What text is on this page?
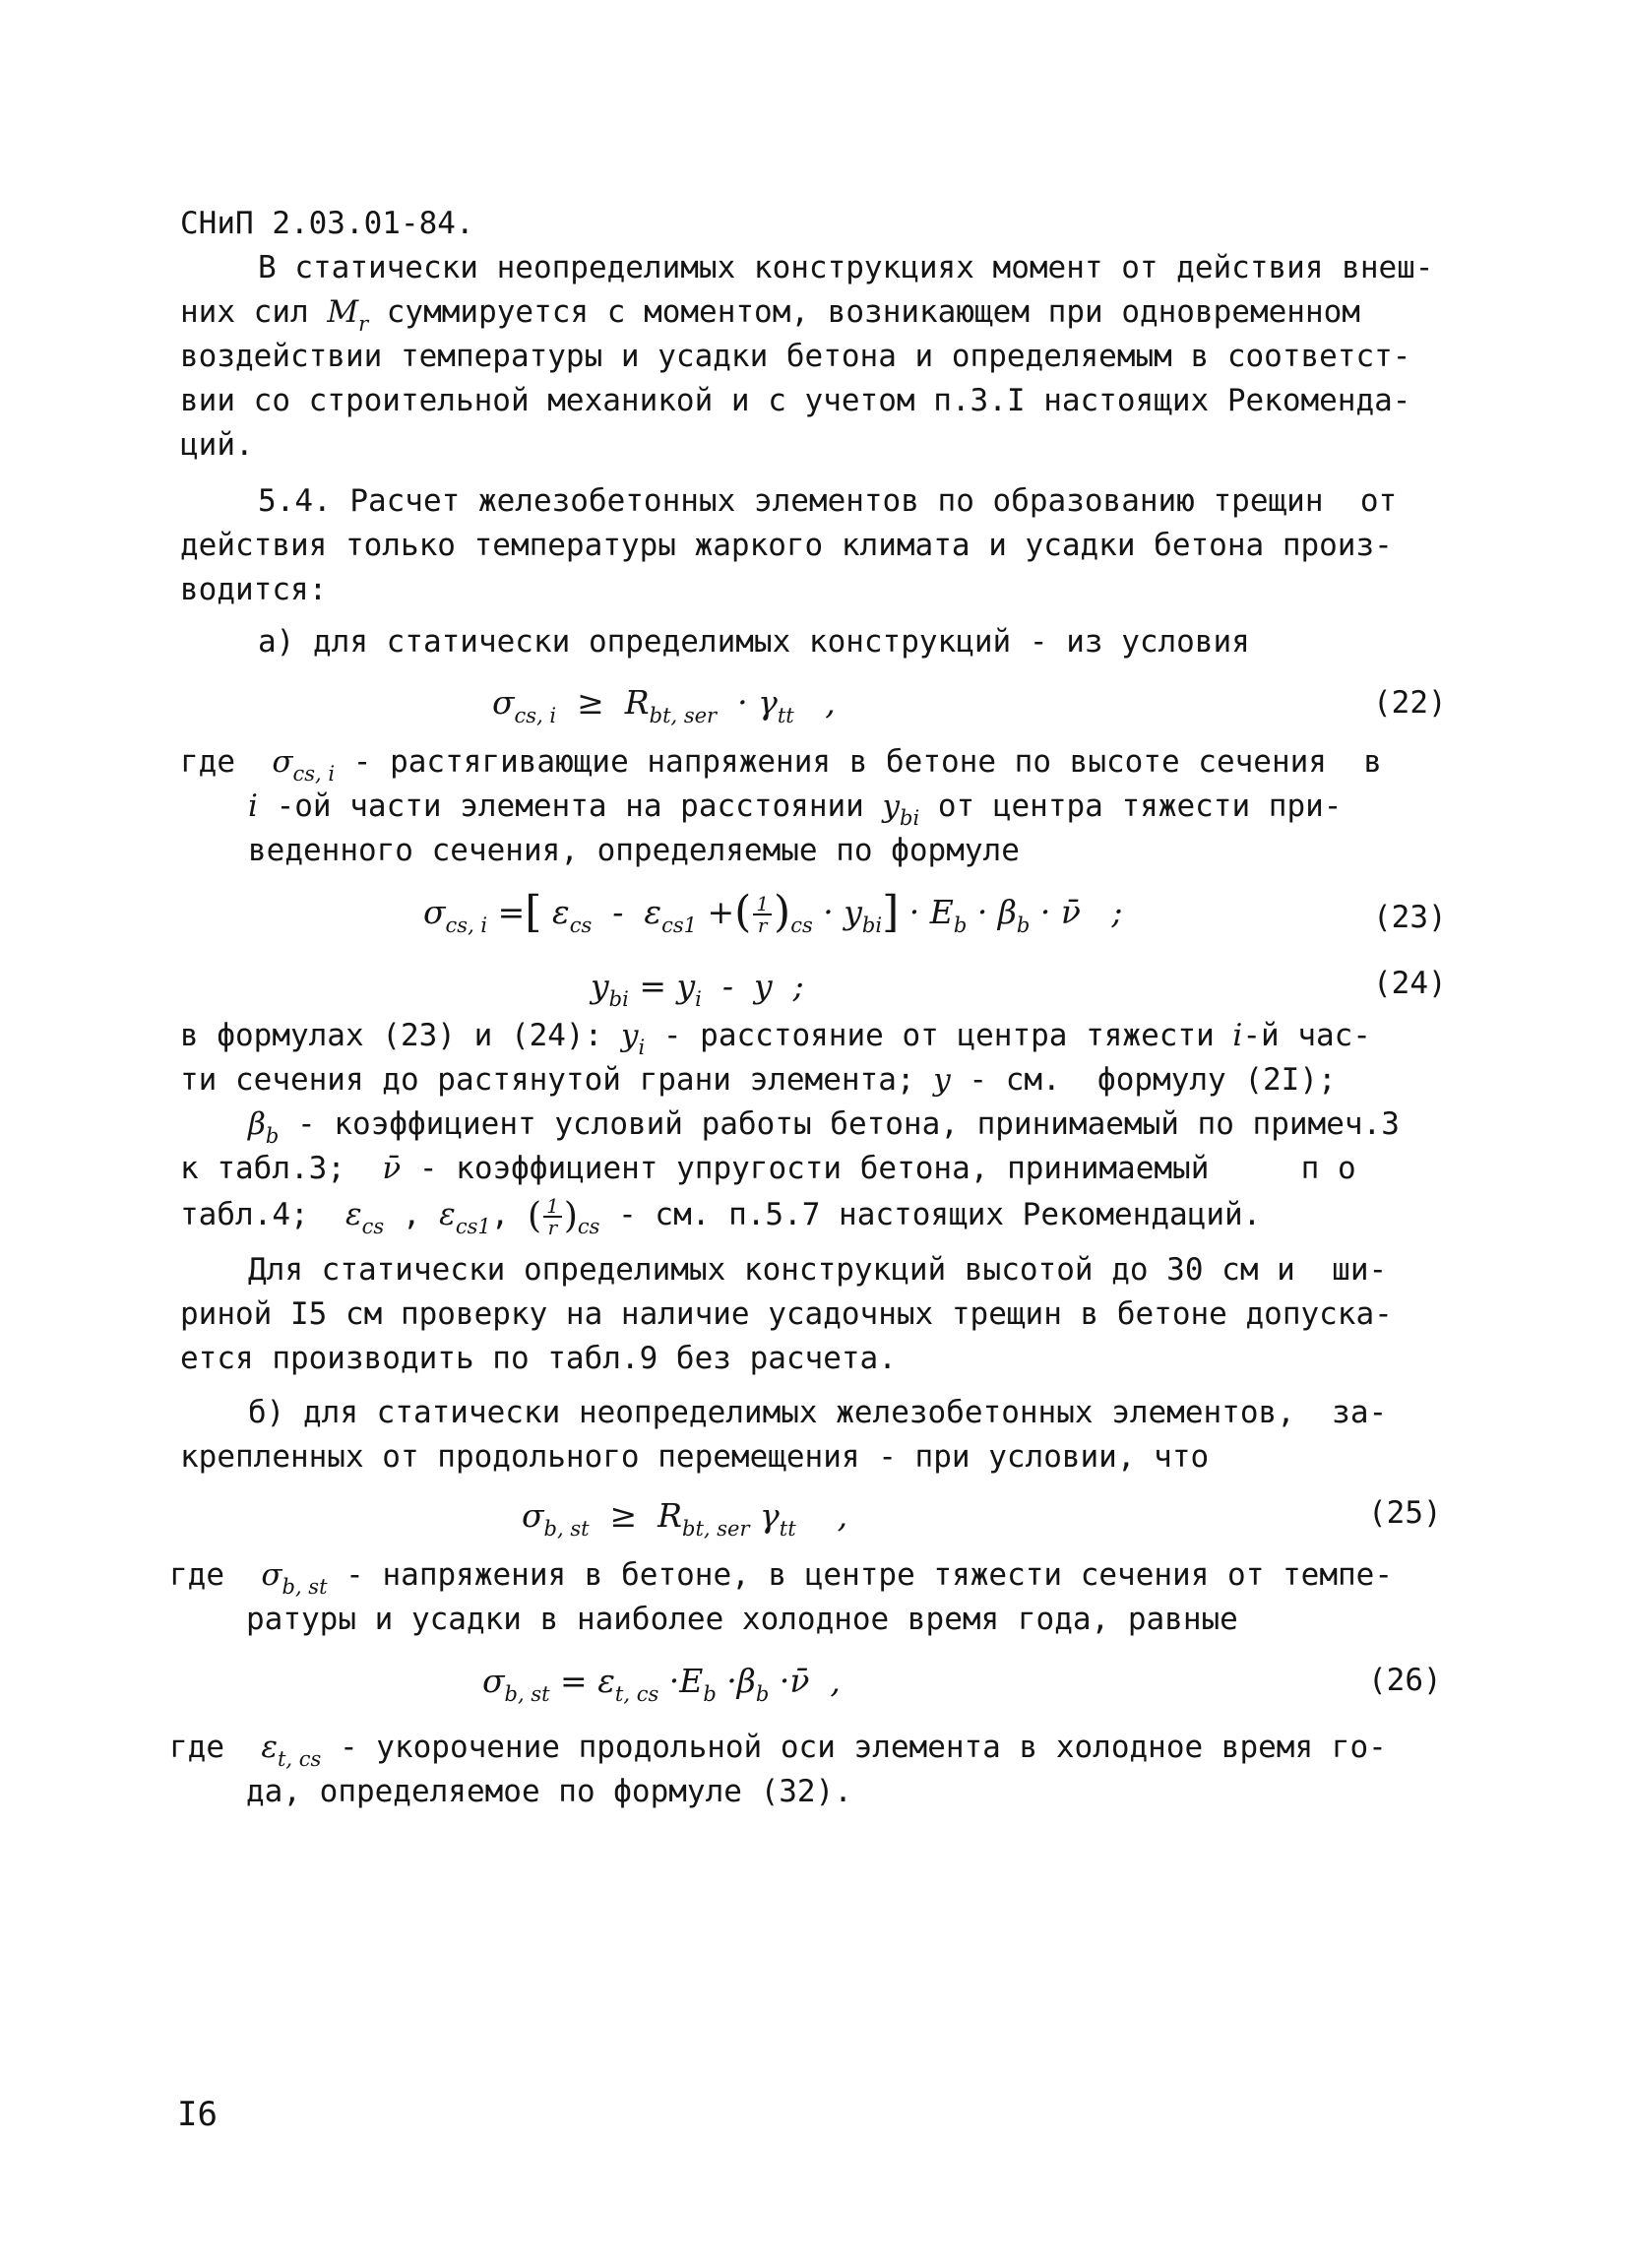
СНиП 2.03.01-84.
В статически неопределимых конструкциях момент от действия внеш-
них сил $M_r$ суммируется с моментом, возникающем при одновременном
воздействии температуры и усадки бетона и определяемым в соответст-
вии со строительной механикой и с учетом п.3.I настоящих Рекоменда-
ций.
5.4. Расчет железобетонных элементов по образованию трещин  от
действия только температуры жаркого климата и усадки бетона произ-
водится:
а) для статически определимых конструкций - из условия
$\sigma_{cs, i} \ge R_{bt, ser} \cdot \gamma_{tt}$ ,	(22)
где $\sigma_{cs, i}$ - растягивающие напряжения в бетоне по высоте сечения  в
i -ой части элемента на расстоянии $y_{bi}$ от центра тяжести при-
веденного сечения, определяемые по формуле
$\sigma_{cs, i}$ =[ $\varepsilon_{cs} - \varepsilon_{cs1}$ +( $\frac{1}{r} )_{cs} \cdot y_{bi}] \cdot E_b \cdot \beta_b$ · ν̄ ;	(23)
$y_{bi} = y_i - y$ ;	(24)
в формулах (23) и (24): $y_i$ - расстояние от центра тяжести i-й час-
ти сечения до растянутой грани элемента; y - см.  формулу (2I);
$\beta_b$ - коэффициент условий работы бетона, принимаемый по примеч.3
к табл.3;  ν̄ - коэффициент упругости бетона, принимаемый     п о
табл.4;  $\varepsilon_{cs}$ , $\varepsilon_{cs1}$, ( $\frac{1}{r} )_{cs}$ - см. п.5.7 настоящих Рекомендаций.
Для статически определимых конструкций высотой до 30 см и  ши-
риной I5 см проверку на наличие усадочных трещин в бетоне допуска-
ется производить по табл.9 без расчета.
б) для статически неопределимых железобетонных элементов,  за-
крепленных от продольного перемещения - при условии, что
$\sigma_{b, st} \ge R_{bt, ser}$ $\gamma_{tt}$ ,	(25)
где $\sigma_{b, st}$ - напряжения в бетоне, в центре тяжести сечения от темпе-
ратуры и усадки в наиболее холодное время года, равные
$\sigma_{b, st} = \varepsilon_{t, cs} \cdot E_b \cdot\beta_b$ ·ν̄ ,	(26)
где $\varepsilon_{t, cs}$ - укорочение продольной оси элемента в холодное время го-
да, определяемое по формуле (32).
I6
